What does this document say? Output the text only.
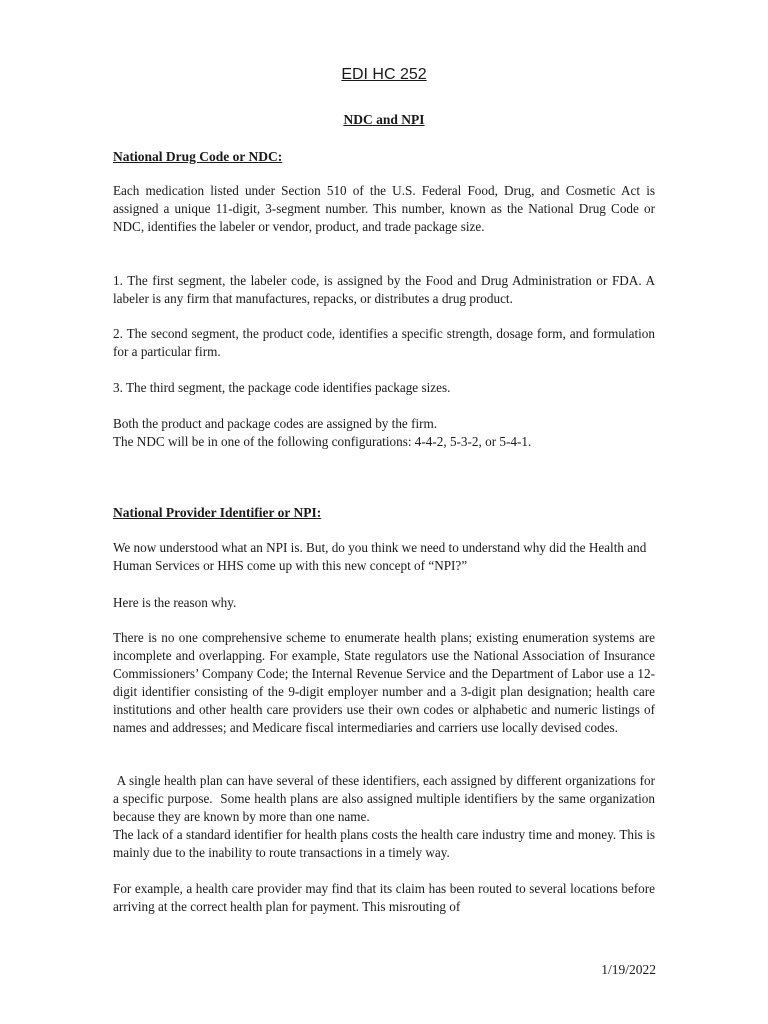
EDI HC 252
NDC and NPI
National Drug Code or NDC:

Each medication listed under Section 510 of the U.S. Federal Food, Drug, and Cosmetic Act is assigned a unique 11-digit, 3-segment number. This number, known as the National Drug Code or NDC, identifies the labeler or vendor, product, and trade package size.

1. The first segment, the labeler code, is assigned by the Food and Drug Administration or FDA. A labeler is any firm that manufactures, repacks, or distributes a drug product.

2. The second segment, the product code, identifies a specific strength, dosage form, and formulation for a particular firm.

3. The third segment, the package code identifies package sizes.

Both the product and package codes are assigned by the firm.

The NDC will be in one of the following configurations: 4-4-2, 5-3-2, or 5-4-1.

National Provider Identifier or NPI:

We now understood what an NPI is. But, do you think we need to understand why did the Health and Human Services or HHS come up with this new concept of “NPI?”

Here is the reason why.

There is no one comprehensive scheme to enumerate health plans; existing enumeration systems are incomplete and overlapping. For example, State regulators use the National Association of Insurance Commissioners’ Company Code; the Internal Revenue Service and the Department of Labor use a 12-digit identifier consisting of the 9-digit employer number and a 3-digit plan designation; health care institutions and other health care providers use their own codes or alphabetic and numeric listings of names and addresses; and Medicare fiscal intermediaries and carriers use locally devised codes.

A single health plan can have several of these identifiers, each assigned by different organizations for a specific purpose.  Some health plans are also assigned multiple identifiers by the same organization because they are known by more than one name.

The lack of a standard identifier for health plans costs the health care industry time and money. This is mainly due to the inability to route transactions in a timely way.

For example, a health care provider may find that its claim has been routed to several locations before arriving at the correct health plan for payment. This misrouting of

1/19/2022
